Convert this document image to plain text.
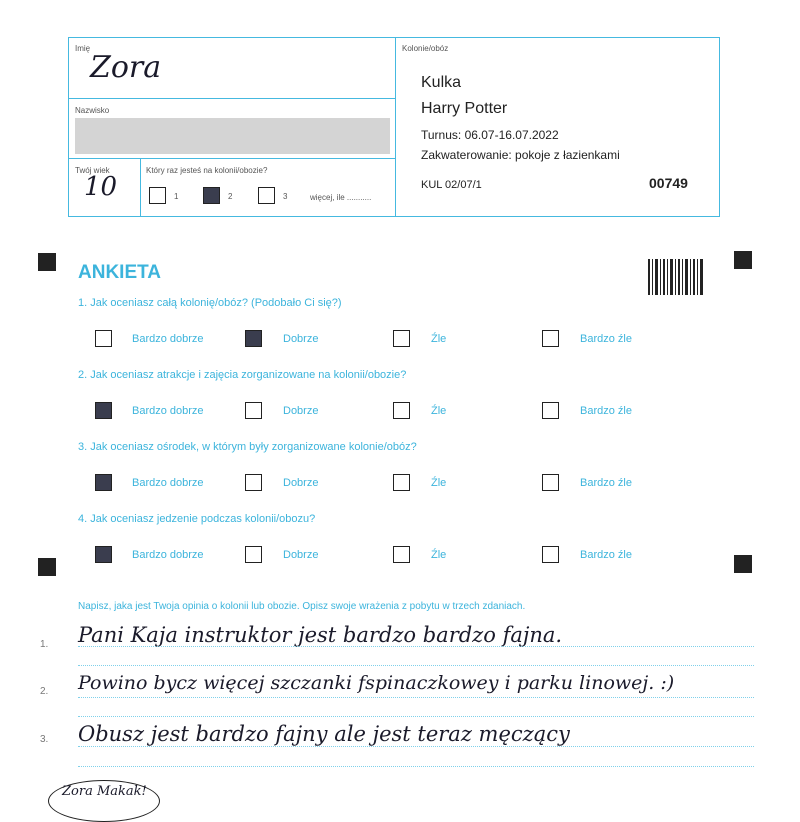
Imię
Zora
Nazwisko
Twój wiek
10
Który raz jesteś na kolonii/obozie?
1	2	3	więcej, ile ...........
Kolonie/obóz
Kulka
Harry Potter
Turnus: 06.07-16.07.2022
Zakwaterowanie: pokoje z łazienkami
KUL 02/07/1	00749
ANKIETA
1. Jak oceniasz całą kolonię/obóz? (Podobało Ci się?)
Bardzo dobrze	Dobrze	Źle	Bardzo źle
2. Jak oceniasz atrakcje i zajęcia zorganizowane na kolonii/obozie?
Bardzo dobrze	Dobrze	Źle	Bardzo źle
3. Jak oceniasz ośrodek, w którym były zorganizowane kolonie/obóz?
Bardzo dobrze	Dobrze	Źle	Bardzo źle
4. Jak oceniasz jedzenie podczas kolonii/obozu?
Bardzo dobrze	Dobrze	Źle	Bardzo źle
Napisz, jaka jest Twoja opinia o kolonii lub obozie. Opisz swoje wrażenia z pobytu w trzech zdaniach.
1. Pani Kaja instruktor jest bardzo bardzo fajna.
2. Powino bycz więcej szczanki fspinaczkowey i parku linowej. :)
3. Obusz jest bardzo fajny ale jest teraz męczący
Zora Makak!
